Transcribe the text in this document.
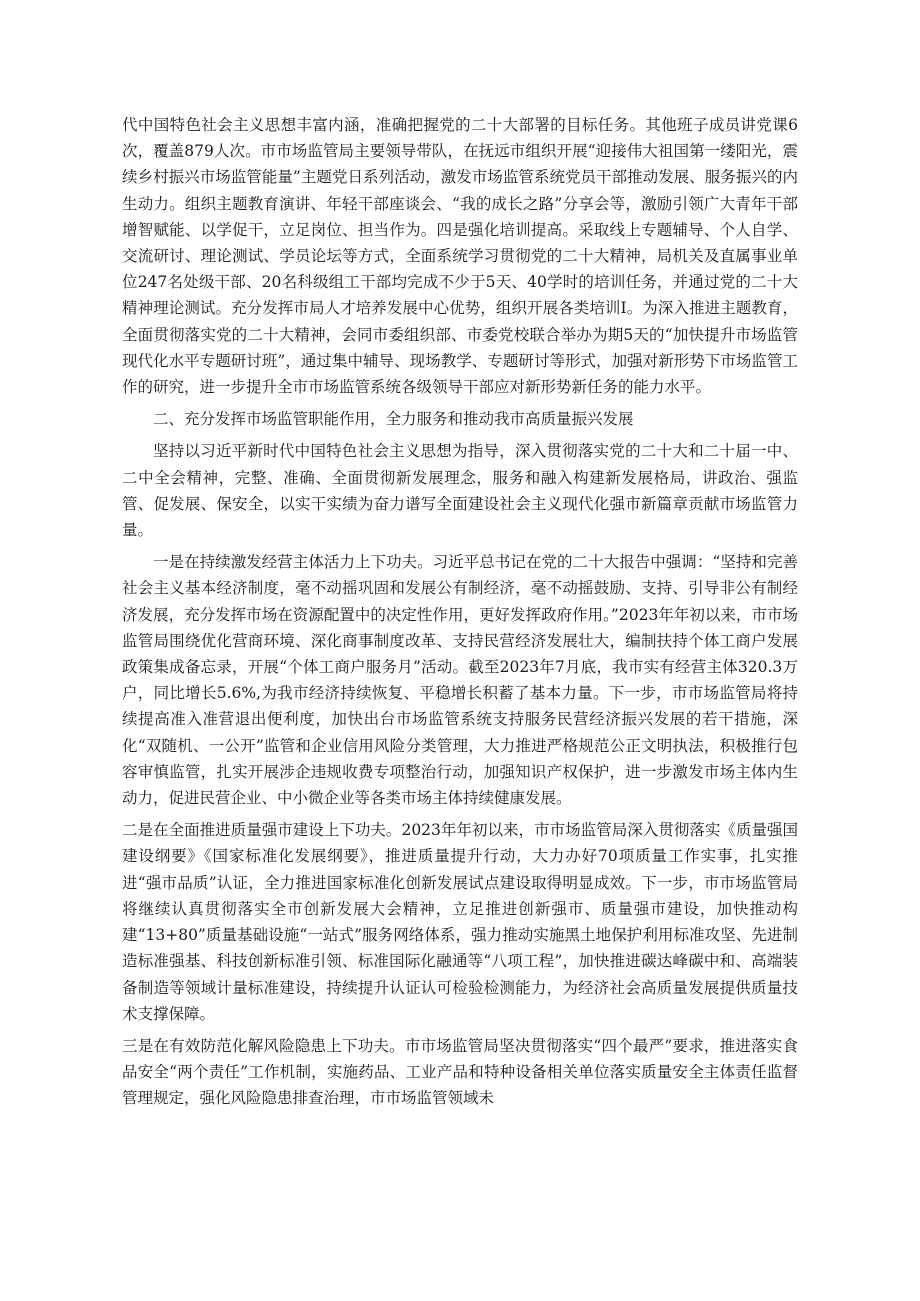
代中国特色社会主义思想丰富内涵，准确把握党的二十大部署的目标任务。其他班子成员讲党课6次，覆盖879人次。市市场监管局主要领导带队，在抚远市组织开展“迎接伟大祖国第一缕阳光，震续乡村振兴市场监管能量”主题党日系列活动，激发市场监管系统党员干部推动发展、服务振兴的内生动力。组织主题教育演讲、年轻干部座谈会、“我的成长之路”分享会等，激励引领广大青年干部增智赋能、以学促干，立足岗位、担当作为。四是强化培训提高。采取线上专题辅导、个人自学、交流研讨、理论测试、学员论坛等方式，全面系统学习贯彻党的二十大精神，局机关及直属事业单位247名处级干部、20名科级组工干部均完成不少于5天、40学时的培训任务，并通过党的二十大精神理论测试。充分发挥市局人才培养发展中心优势，组织开展各类培训I。为深入推进主题教育，全面贯彻落实党的二十大精神，会同市委组织部、市委党校联合举办为期5天的“加快提升市场监管现代化水平专题研讨班”，通过集中辅导、现场教学、专题研讨等形式，加强对新形势下市场监管工作的研究，进一步提升全市市场监管系统各级领导干部应对新形势新任务的能力水平。

二、充分发挥市场监管职能作用，全力服务和推动我市高质量振兴发展

坚持以习近平新时代中国特色社会主义思想为指导，深入贯彻落实党的二十大和二十届一中、二中全会精神，完整、准确、全面贯彻新发展理念，服务和融入构建新发展格局，讲政治、强监管、促发展、保安全，以实干实绩为奋力谱写全面建设社会主义现代化强市新篇章贡献市场监管力量。

一是在持续激发经营主体活力上下功夫。习近平总书记在党的二十大报告中强调：“坚持和完善社会主义基本经济制度，毫不动摇巩固和发展公有制经济，毫不动摇鼓励、支持、引导非公有制经济发展，充分发挥市场在资源配置中的决定性作用，更好发挥政府作用。”2023年年初以来，市市场监管局围绕优化营商环境、深化商事制度改革、支持民营经济发展壮大，编制扶持个体工商户发展政策集成备忘录，开展“个体工商户服务月”活动。截至2023年7月底，我市实有经营主体320.3万户，同比增长5.6%,为我市经济持续恢复、平稳增长积蓄了基本力量。下一步，市市场监管局将持续提高准入准营退出便利度，加快出台市场监管系统支持服务民营经济振兴发展的若干措施，深化“双随机、一公开”监管和企业信用风险分类管理，大力推进严格规范公正文明执法，积极推行包容审慎监管，扎实开展涉企违规收费专项整治行动，加强知识产权保护，进一步激发市场主体内生动力，促进民营企业、中小微企业等各类市场主体持续健康发展。

二是在全面推进质量强市建设上下功夫。2023年年初以来，市市场监管局深入贯彻落实《质量强国建设纲要》《国家标准化发展纲要》，推进质量提升行动，大力办好70项质量工作实事，扎实推进“强市品质”认证，全力推进国家标准化创新发展试点建设取得明显成效。下一步，市市场监管局将继续认真贯彻落实全市创新发展大会精神，立足推进创新强市、质量强市建设，加快推动构建“13+80”质量基础设施“一站式”服务网络体系，强力推动实施黑土地保护利用标准攻坚、先进制造标准强基、科技创新标准引领、标准国际化融通等“八项工程”，加快推进碳达峰碳中和、高端装备制造等领域计量标准建设，持续提升认证认可检验检测能力，为经济社会高质量发展提供质量技术支撑保障。

三是在有效防范化解风险隐患上下功夫。市市场监管局坚决贯彻落实“四个最严”要求，推进落实食品安全“两个责任”工作机制，实施药品、工业产品和特种设备相关单位落实质量安全主体责任监督管理规定，强化风险隐患排查治理，市市场监管领域未
